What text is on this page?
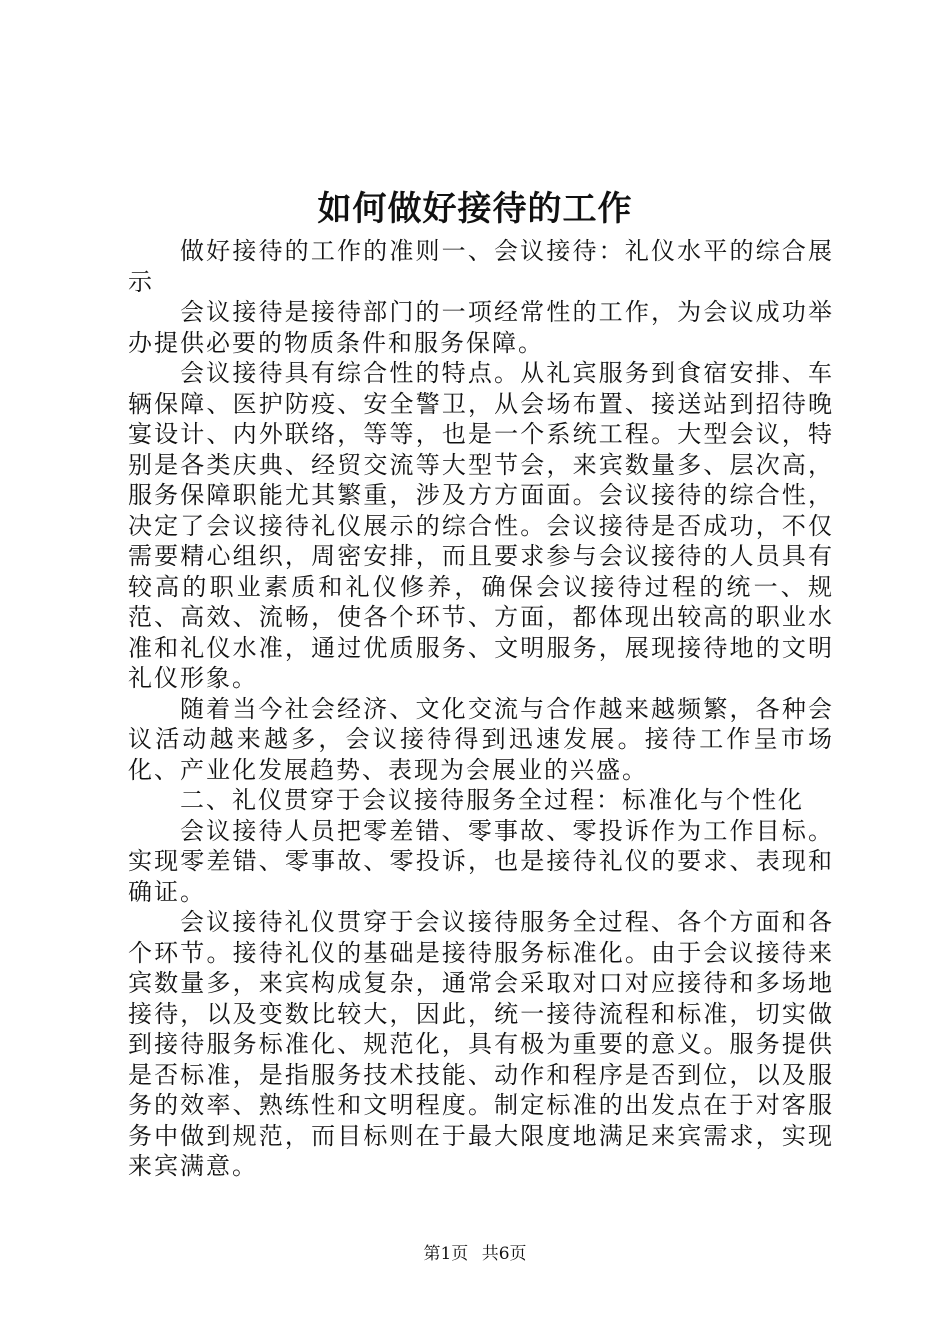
如何做好接待的工作

做好接待的工作的准则一、会议接待：礼仪水平的综合展示

会议接待是接待部门的一项经常性的工作，为会议成功举办提供必要的物质条件和服务保障。

会议接待具有综合性的特点。从礼宾服务到食宿安排、车辆保障、医护防疫、安全警卫，从会场布置、接送站到招待晚宴设计、内外联络，等等，也是一个系统工程。大型会议，特别是各类庆典、经贸交流等大型节会，来宾数量多、层次高，服务保障职能尤其繁重，涉及方方面面。会议接待的综合性，决定了会议接待礼仪展示的综合性。会议接待是否成功，不仅需要精心组织，周密安排，而且要求参与会议接待的人员具有较高的职业素质和礼仪修养，确保会议接待过程的统一、规范、高效、流畅，使各个环节、方面，都体现出较高的职业水准和礼仪水准，通过优质服务、文明服务，展现接待地的文明礼仪形象。

随着当今社会经济、文化交流与合作越来越频繁，各种会议活动越来越多，会议接待得到迅速发展。接待工作呈市场化、产业化发展趋势、表现为会展业的兴盛。

二、礼仪贯穿于会议接待服务全过程：标准化与个性化

会议接待人员把零差错、零事故、零投诉作为工作目标。实现零差错、零事故、零投诉，也是接待礼仪的要求、表现和确证。

会议接待礼仪贯穿于会议接待服务全过程、各个方面和各个环节。接待礼仪的基础是接待服务标准化。由于会议接待来宾数量多，来宾构成复杂，通常会采取对口对应接待和多场地接待，以及变数比较大，因此，统一接待流程和标准，切实做到接待服务标准化、规范化，具有极为重要的意义。服务提供是否标准，是指服务技术技能、动作和程序是否到位，以及服务的效率、熟练性和文明程度。制定标准的出发点在于对客服务中做到规范，而目标则在于最大限度地满足来宾需求，实现来宾满意。

第1页 共6页
